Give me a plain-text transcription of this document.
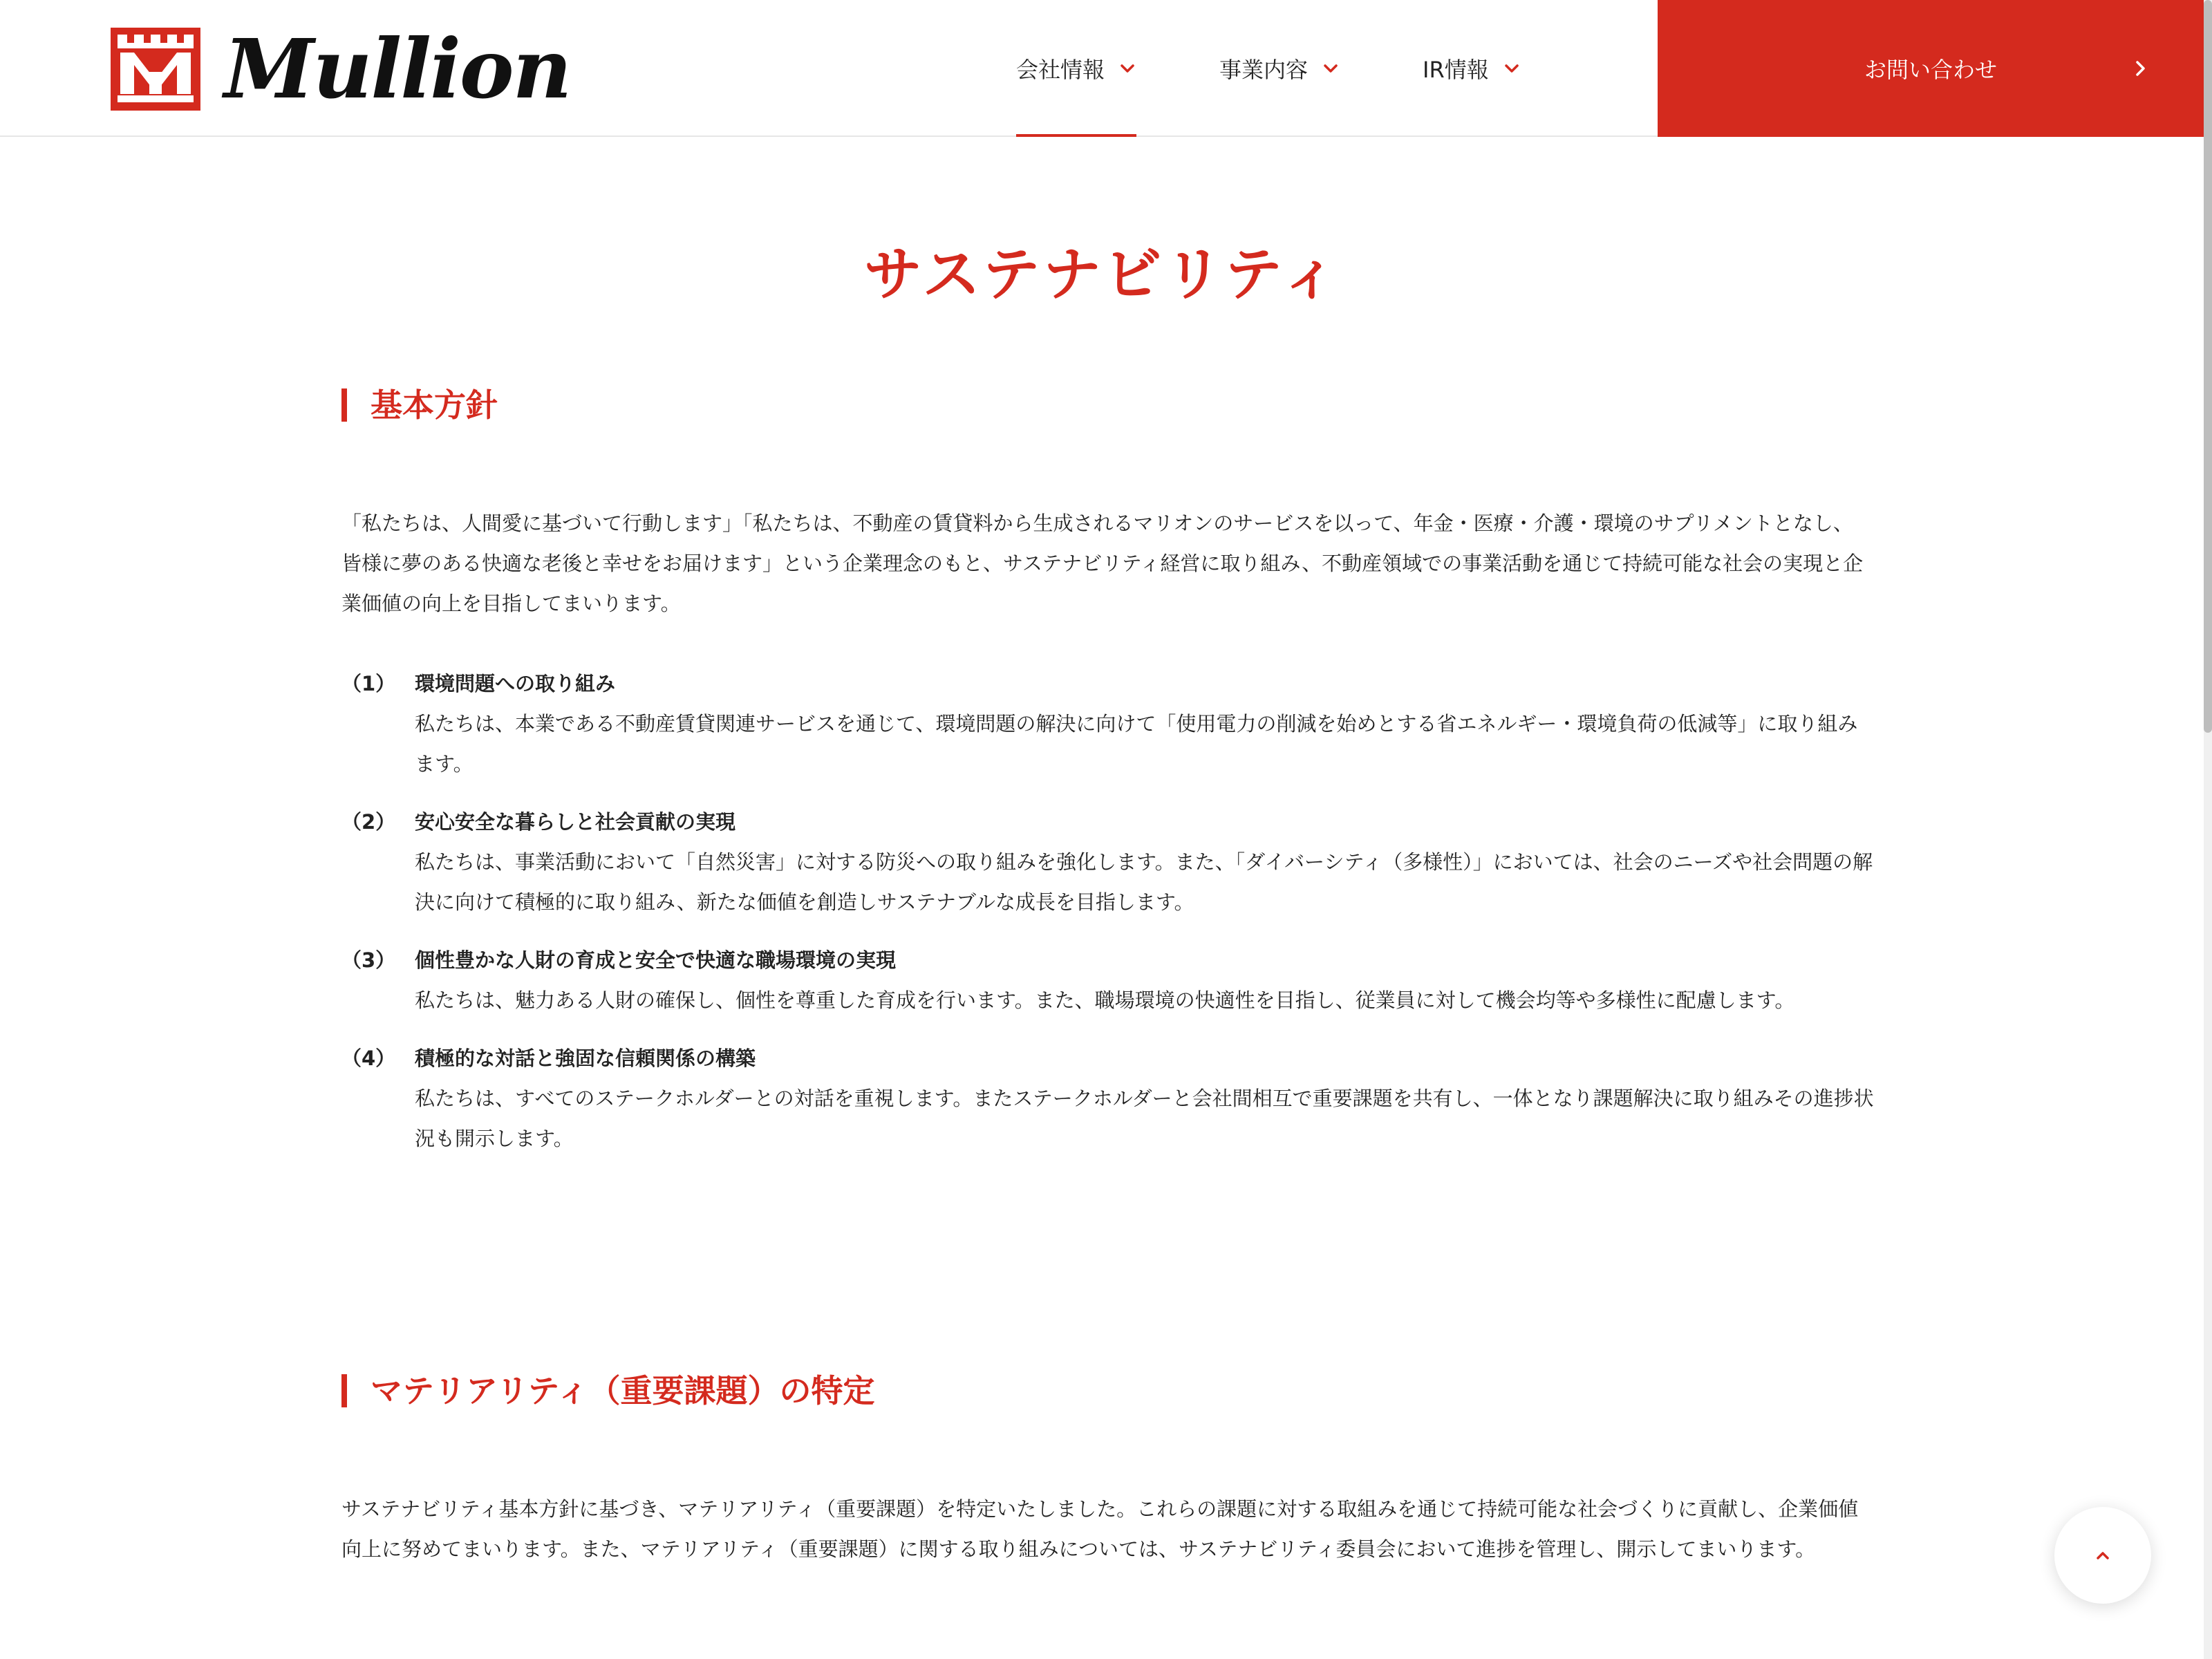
Mullion	会社情報	事業内容	IR情報	お問い合わせ
サステナビリティ
基本方針

「私たちは、人間愛に基づいて行動します」「私たちは、不動産の賃貸料から生成されるマリオンのサービスを以って、年金・医療・介護・環境のサプリメントとなし、皆様に夢のある快適な老後と幸せをお届けます」という企業理念のもと、サステナビリティ経営に取り組み、不動産領域での事業活動を通じて持続可能な社会の実現と企業価値の向上を目指してまいります。

（1） 環境問題への取り組み

私たちは、本業である不動産賃貸関連サービスを通じて、環境問題の解決に向けて「使用電力の削減を始めとする省エネルギー・環境負荷の低減等」に取り組みます。

（2） 安心安全な暮らしと社会貢献の実現

私たちは、事業活動において「自然災害」に対する防災への取り組みを強化します。また、「ダイバーシティ（多様性）」においては、社会のニーズや社会問題の解決に向けて積極的に取り組み、新たな価値を創造しサステナブルな成長を目指します。

（3） 個性豊かな人財の育成と安全で快適な職場環境の実現

私たちは、魅力ある人財の確保し、個性を尊重した育成を行います。また、職場環境の快適性を目指し、従業員に対して機会均等や多様性に配慮します。

（4） 積極的な対話と強固な信頼関係の構築

私たちは、すべてのステークホルダーとの対話を重視します。またステークホルダーと会社間相互で重要課題を共有し、一体となり課題解決に取り組みその進捗状況も開示します。

マテリアリティ（重要課題）の特定

サステナビリティ基本方針に基づき、マテリアリティ（重要課題）を特定いたしました。これらの課題に対する取組みを通じて持続可能な社会づくりに貢献し、企業価値向上に努めてまいります。また、マテリアリティ（重要課題）に関する取り組みについては、サステナビリティ委員会において進捗を管理し、開示してまいります。
